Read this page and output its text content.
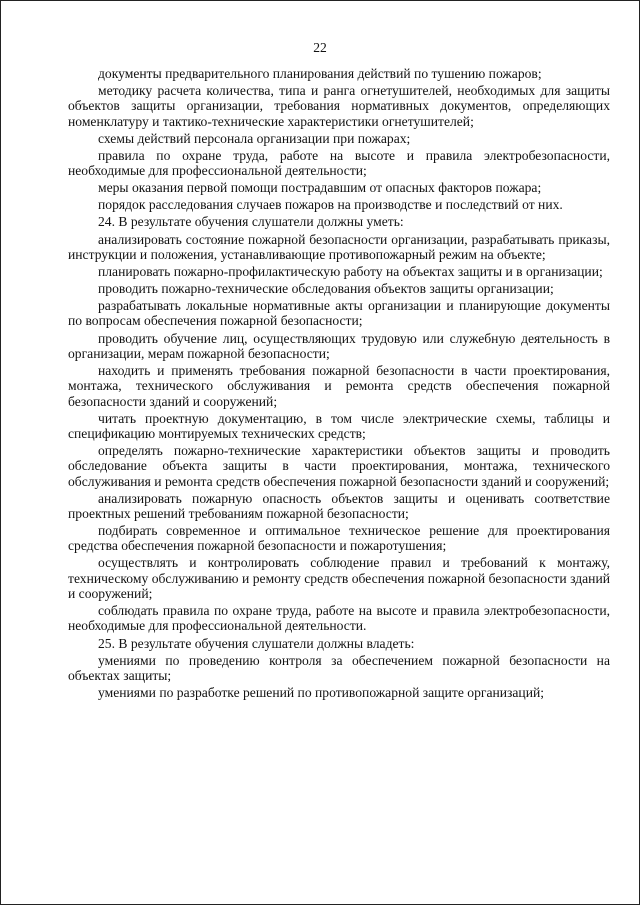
22

документы предварительного планирования действий по тушению пожаров;

методику расчета количества, типа и ранга огнетушителей, необходимых для защиты объектов защиты организации, требования нормативных документов, определяющих номенклатуру и тактико-технические характеристики огнетушителей;

схемы действий персонала организации при пожарах;

правила по охране труда, работе на высоте и правила электробезопасности, необходимые для профессиональной деятельности;

меры оказания первой помощи пострадавшим от опасных факторов пожара;

порядок расследования случаев пожаров на производстве и последствий от них.

24. В результате обучения слушатели должны уметь:

анализировать состояние пожарной безопасности организации, разрабатывать приказы, инструкции и положения, устанавливающие противопожарный режим на объекте;

планировать пожарно-профилактическую работу на объектах защиты и в организации;

проводить пожарно-технические обследования объектов защиты организации;

разрабатывать локальные нормативные акты организации и планирующие документы по вопросам обеспечения пожарной безопасности;

проводить обучение лиц, осуществляющих трудовую или служебную деятельность в организации, мерам пожарной безопасности;

находить и применять требования пожарной безопасности в части проектирования, монтажа, технического обслуживания и ремонта средств обеспечения пожарной безопасности зданий и сооружений;

читать проектную документацию, в том числе электрические схемы, таблицы и спецификацию монтируемых технических средств;

определять пожарно-технические характеристики объектов защиты и проводить обследование объекта защиты в части проектирования, монтажа, технического обслуживания и ремонта средств обеспечения пожарной безопасности зданий и сооружений;

анализировать пожарную опасность объектов защиты и оценивать соответствие проектных решений требованиям пожарной безопасности;

подбирать современное и оптимальное техническое решение для проектирования средства обеспечения пожарной безопасности и пожаротушения;

осуществлять и контролировать соблюдение правил и требований к монтажу, техническому обслуживанию и ремонту средств обеспечения пожарной безопасности зданий и сооружений;

соблюдать правила по охране труда, работе на высоте и правила электробезопасности, необходимые для профессиональной деятельности.

25. В результате обучения слушатели должны владеть:

умениями по проведению контроля за обеспечением пожарной безопасности на объектах защиты;

умениями по разработке решений по противопожарной защите организаций;
